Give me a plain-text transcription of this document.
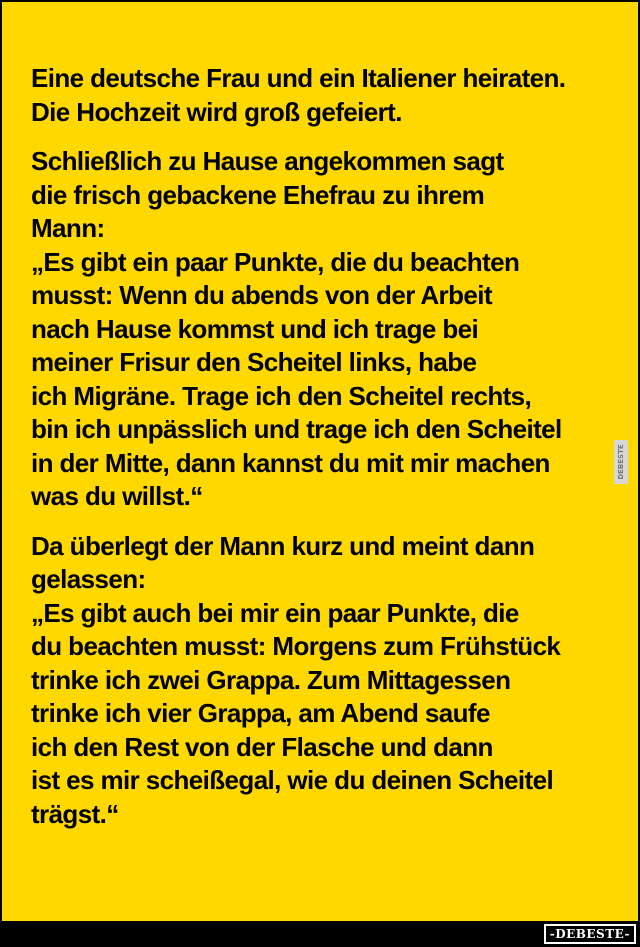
Eine deutsche Frau und ein Italiener heiraten.
Die Hochzeit wird groß gefeiert.
Schließlich zu Hause angekommen sagt
die frisch gebackene Ehefrau zu ihrem
Mann:
„Es gibt ein paar Punkte, die du beachten
musst: Wenn du abends von der Arbeit
nach Hause kommst und ich trage bei
meiner Frisur den Scheitel links, habe
ich Migräne. Trage ich den Scheitel rechts,
bin ich unpässlich und trage ich den Scheitel
in der Mitte, dann kannst du mit mir machen
was du willst.“
Da überlegt der Mann kurz und meint dann
gelassen:
„Es gibt auch bei mir ein paar Punkte, die
du beachten musst: Morgens zum Frühstück
trinke ich zwei Grappa. Zum Mittagessen
trinke ich vier Grappa, am Abend saufe
ich den Rest von der Flasche und dann
ist es mir scheißegal, wie du deinen Scheitel
trägst.“
DEBESTE
-DEBESTE-
